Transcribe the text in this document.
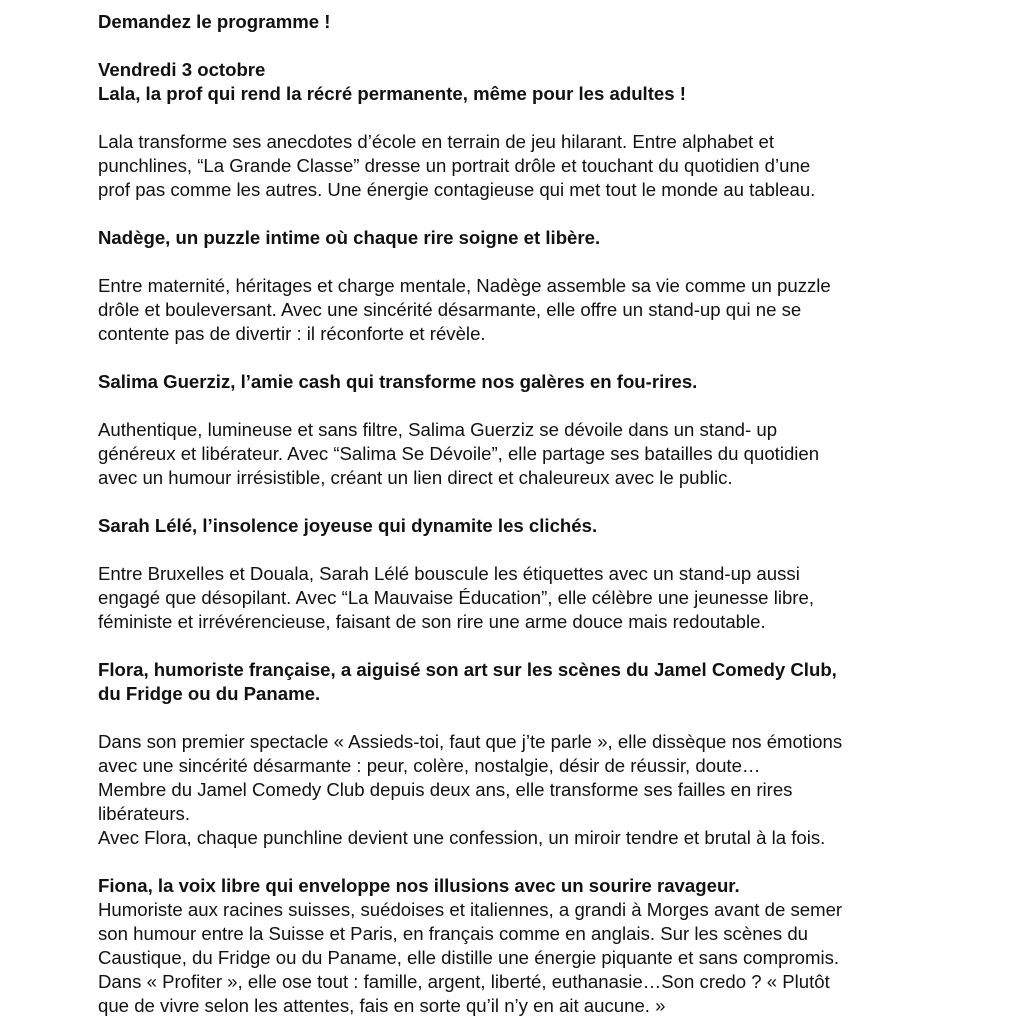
Demandez le programme !
Vendredi 3 octobre
Lala, la prof qui rend la récré permanente, même pour les adultes !
Lala transforme ses anecdotes d’école en terrain de jeu hilarant. Entre alphabet et
punchlines, “La Grande Classe” dresse un portrait drôle et touchant du quotidien d’une
prof pas comme les autres. Une énergie contagieuse qui met tout le monde au tableau.
Nadège, un puzzle intime où chaque rire soigne et libère.
Entre maternité, héritages et charge mentale, Nadège assemble sa vie comme un puzzle
drôle et bouleversant. Avec une sincérité désarmante, elle offre un stand-up qui ne se
contente pas de divertir : il réconforte et révèle.
Salima Guerziz, l’amie cash qui transforme nos galères en fou-rires.
Authentique, lumineuse et sans filtre, Salima Guerziz se dévoile dans un stand- up
généreux et libérateur. Avec “Salima Se Dévoile”, elle partage ses batailles du quotidien
avec un humour irrésistible, créant un lien direct et chaleureux avec le public.
Sarah Lélé, l’insolence joyeuse qui dynamite les clichés.
Entre Bruxelles et Douala, Sarah Lélé bouscule les étiquettes avec un stand-up aussi
engagé que désopilant. Avec “La Mauvaise Éducation”, elle célèbre une jeunesse libre,
féministe et irrévérencieuse, faisant de son rire une arme douce mais redoutable.
Flora, humoriste française, a aiguisé son art sur les scènes du Jamel Comedy Club,
du Fridge ou du Paname.
Dans son premier spectacle « Assieds-toi, faut que j’te parle », elle dissèque nos émotions
avec une sincérité désarmante : peur, colère, nostalgie, désir de réussir, doute…
Membre du Jamel Comedy Club depuis deux ans, elle transforme ses failles en rires
libérateurs.
Avec Flora, chaque punchline devient une confession, un miroir tendre et brutal à la fois.
Fiona, la voix libre qui enveloppe nos illusions avec un sourire ravageur.
Humoriste aux racines suisses, suédoises et italiennes, a grandi à Morges avant de semer
son humour entre la Suisse et Paris, en français comme en anglais. Sur les scènes du
Caustique, du Fridge ou du Paname, elle distille une énergie piquante et sans compromis.
Dans « Profiter », elle ose tout : famille, argent, liberté, euthanasie…Son credo ? « Plutôt
que de vivre selon les attentes, fais en sorte qu’il n’y en ait aucune. »
